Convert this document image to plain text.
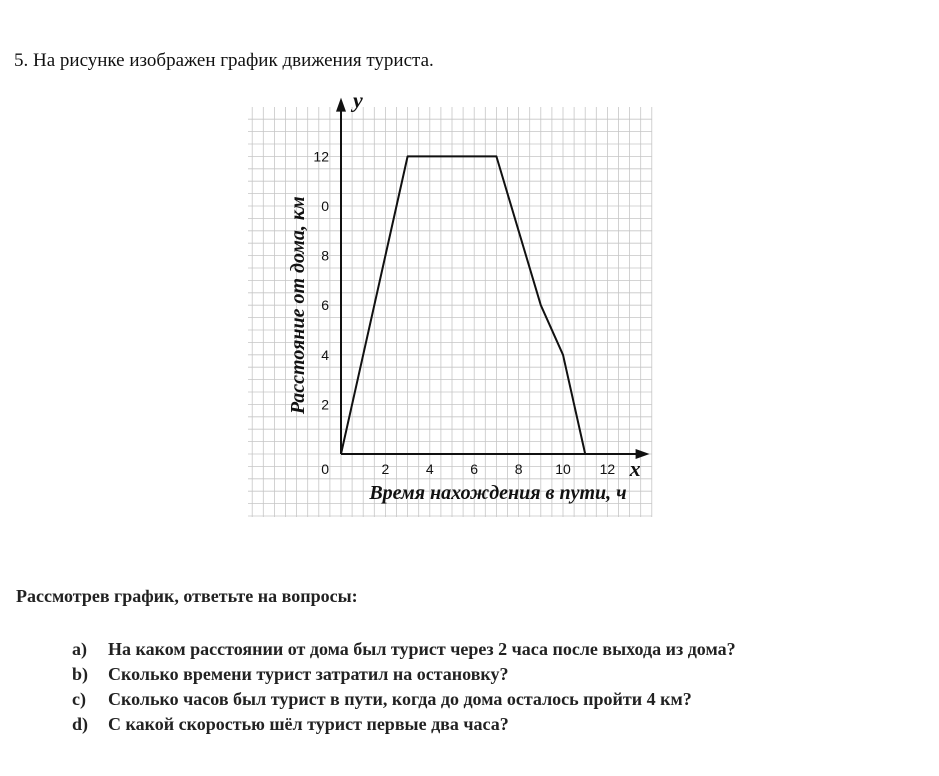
5. На рисунке изображен график движения туриста.
2	4	6	8 10 12
2
4
6
8
0
12
x
y
0
Время нахождения в пути, ч
Расстояние от дома, км
Рассмотрев график, ответьте на вопросы:
a) На каком расстоянии от дома был турист через 2 часа после выхода из дома?
b) Сколько времени турист затратил на остановку?
c) Сколько часов был турист в пути, когда до дома осталось пройти 4 км?
d) С какой скоростью шёл турист первые два часа?
